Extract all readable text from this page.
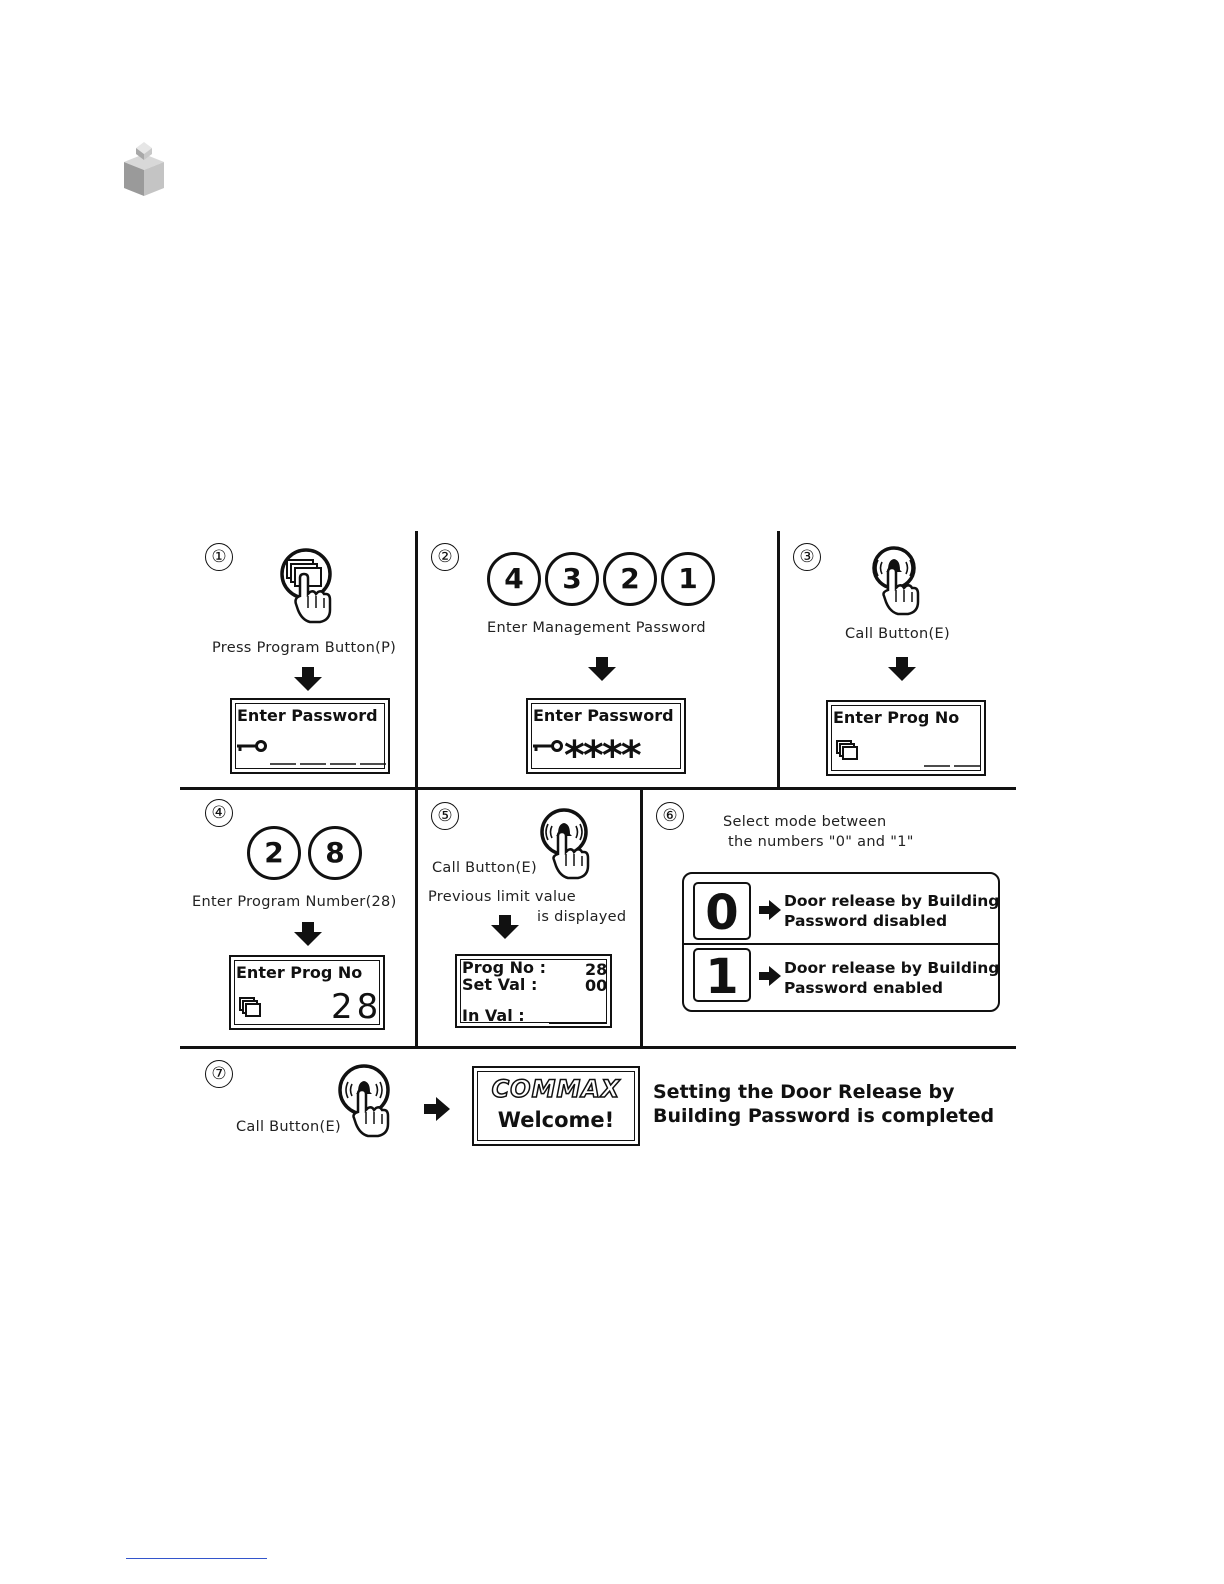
①
Press Program Button(P)
Enter Password
②
4	3	2	1
Enter Management Password
Enter Password
****
③
Call Button(E)
Enter Prog No
④
2	8
Enter Program Number(28)
Enter Prog No
28
⑤
Call Button(E)
Previous limit value
is displayed
Prog No : 28
Set Val :	00
In Val :
⑥	Select mode between
the numbers "0" and "1"
0	Door release by Building
Password disabled
1	Door release by Building
Password enabled
⑦
Call Button(E)
COMMAX
Welcome!
Setting the Door Release by
Building Password is completed
